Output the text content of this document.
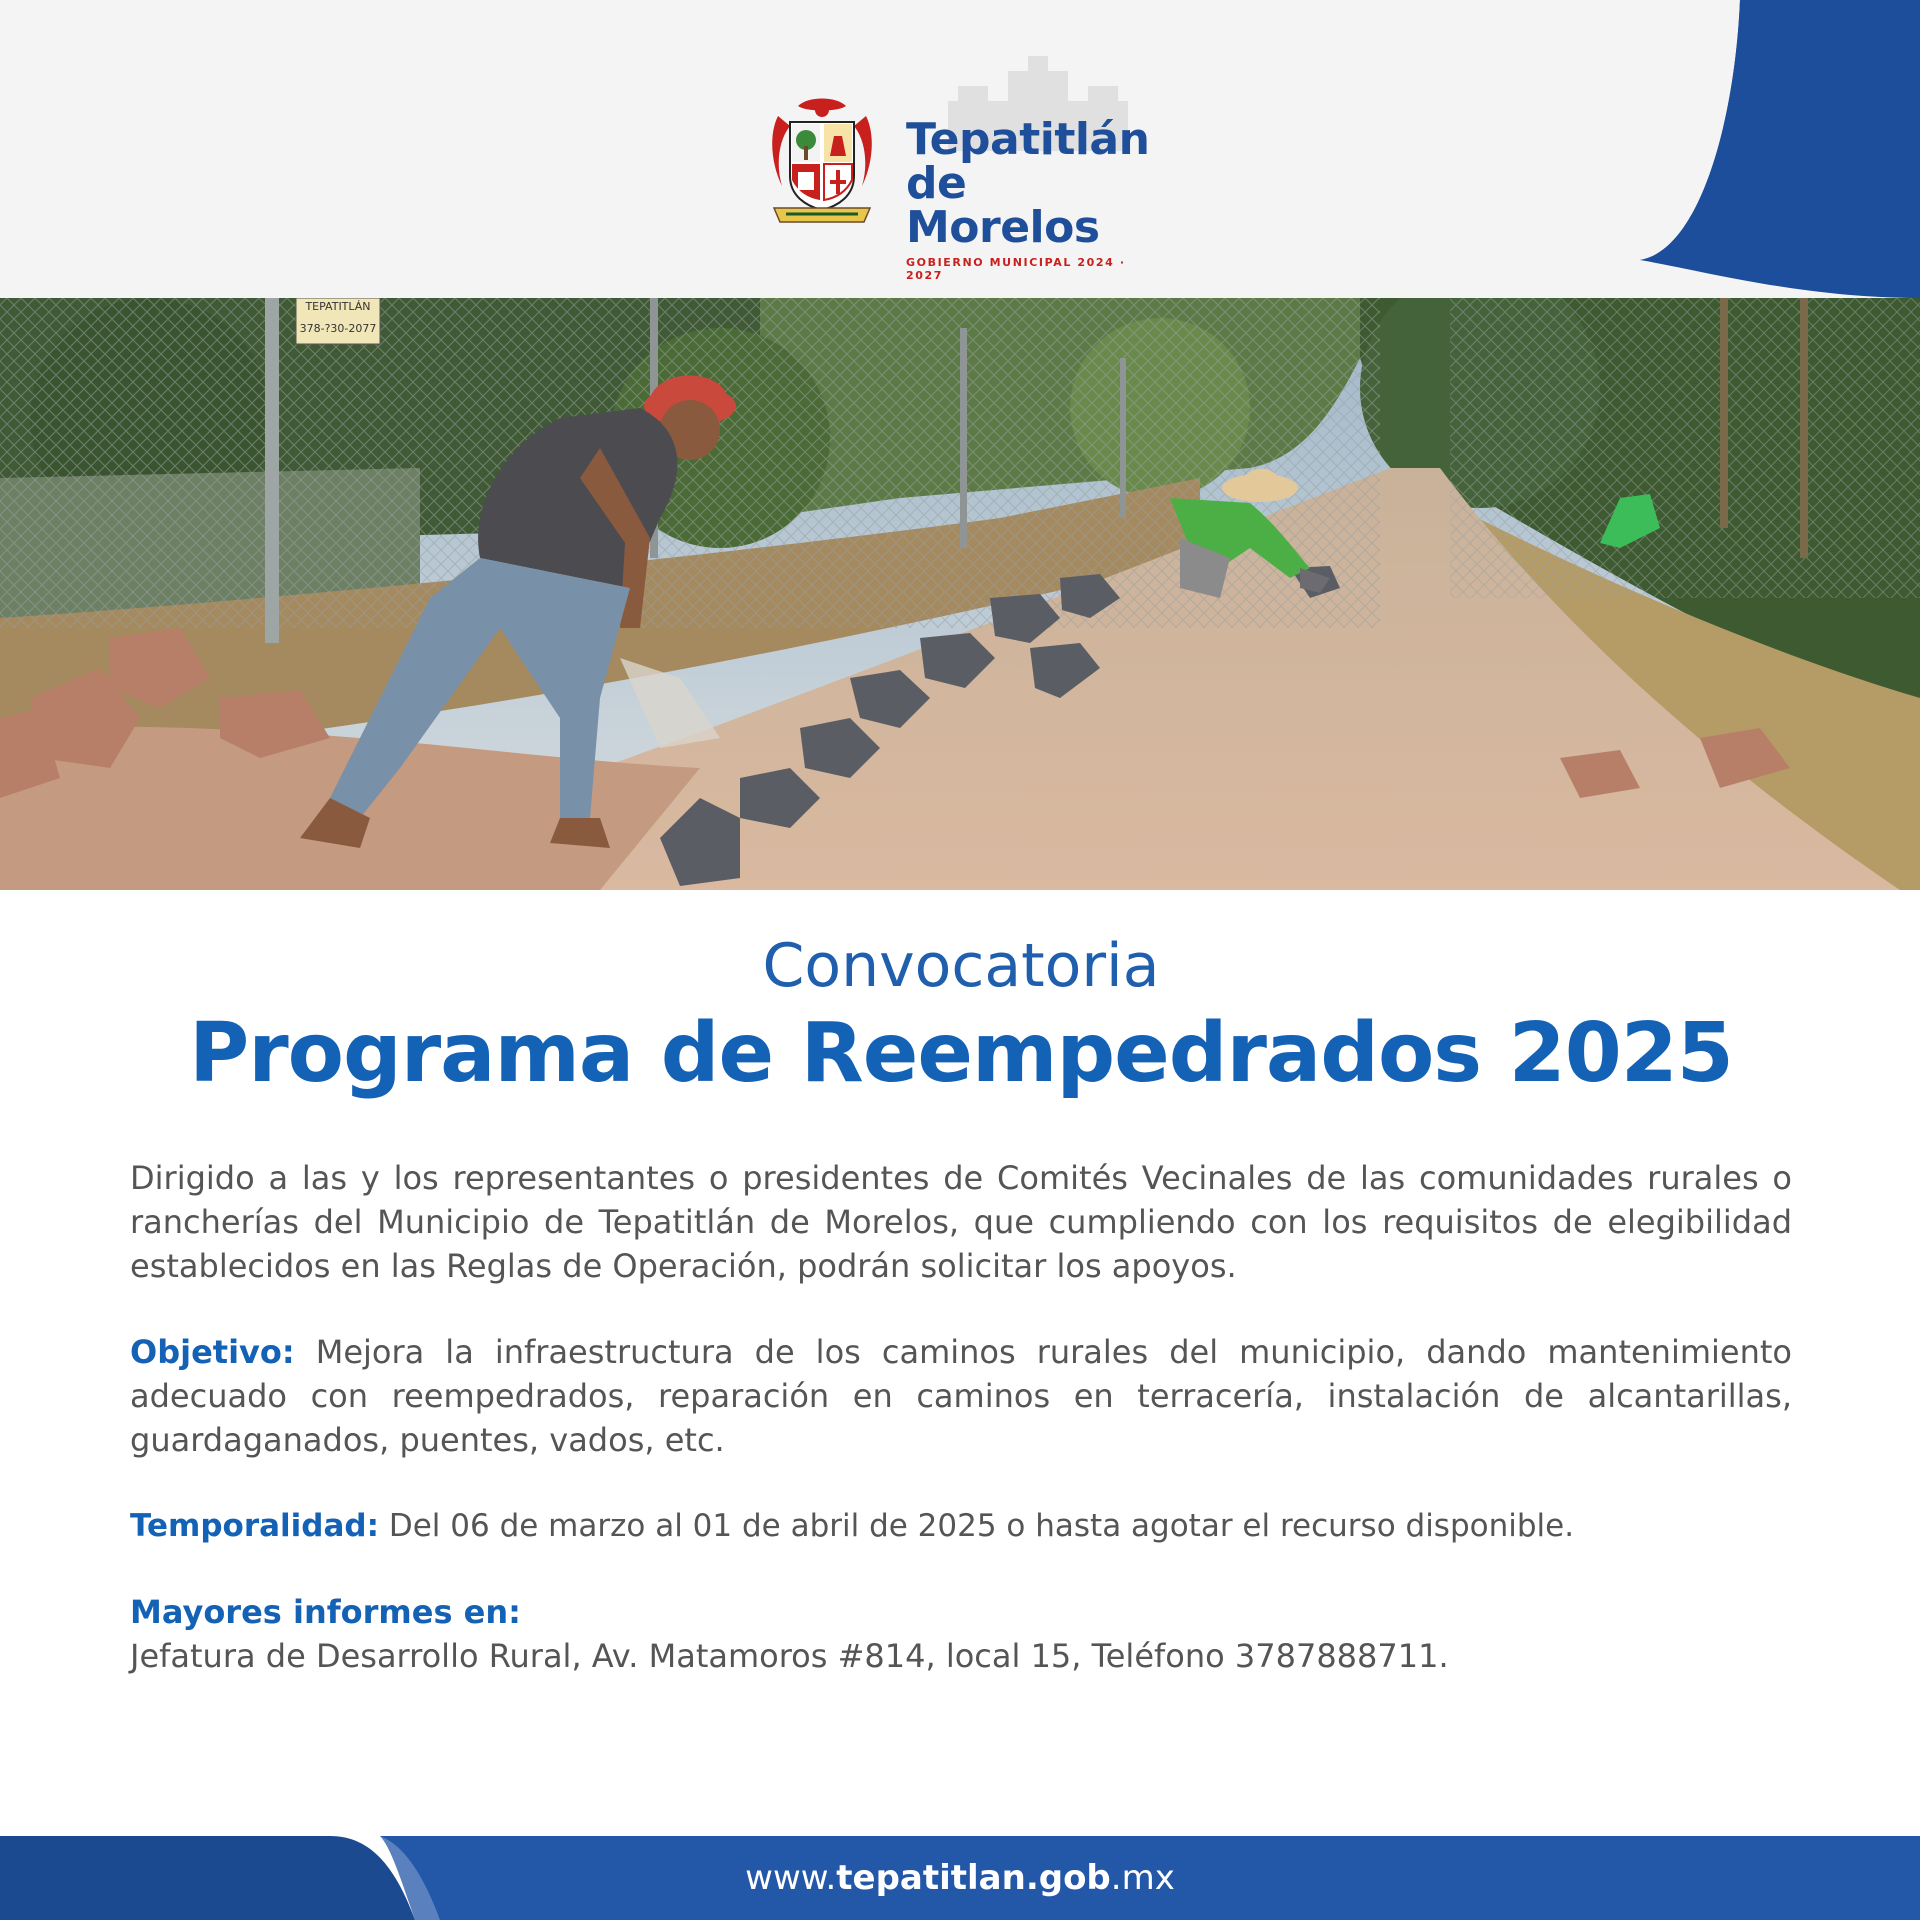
Tepatitlán
de Morelos
GOBIERNO MUNICIPAL 2024 · 2027
TEPATITLÁN
378-?30-2077
Convocatoria
Programa de Reempedrados 2025

Dirigido a las y los representantes o presidentes de Comités Vecinales de las comunidades rurales o rancherías del Municipio de Tepatitlán de Morelos, que cumpliendo con los requisitos de elegibilidad establecidos en las Reglas de Operación, podrán solicitar los apoyos.

Objetivo: Mejora la infraestructura de los caminos rurales del municipio, dando mantenimiento adecuado con reempedrados, reparación en caminos en terracería, instalación de alcantarillas, guardaganados, puentes, vados, etc.

Temporalidad: Del 06 de marzo al 01 de abril de 2025 o hasta agotar el recurso disponible.

Mayores informes en:
Jefatura de Desarrollo Rural, Av. Matamoros #814, local 15, Teléfono 3787888711.

www.tepatitlan.gob.mx
